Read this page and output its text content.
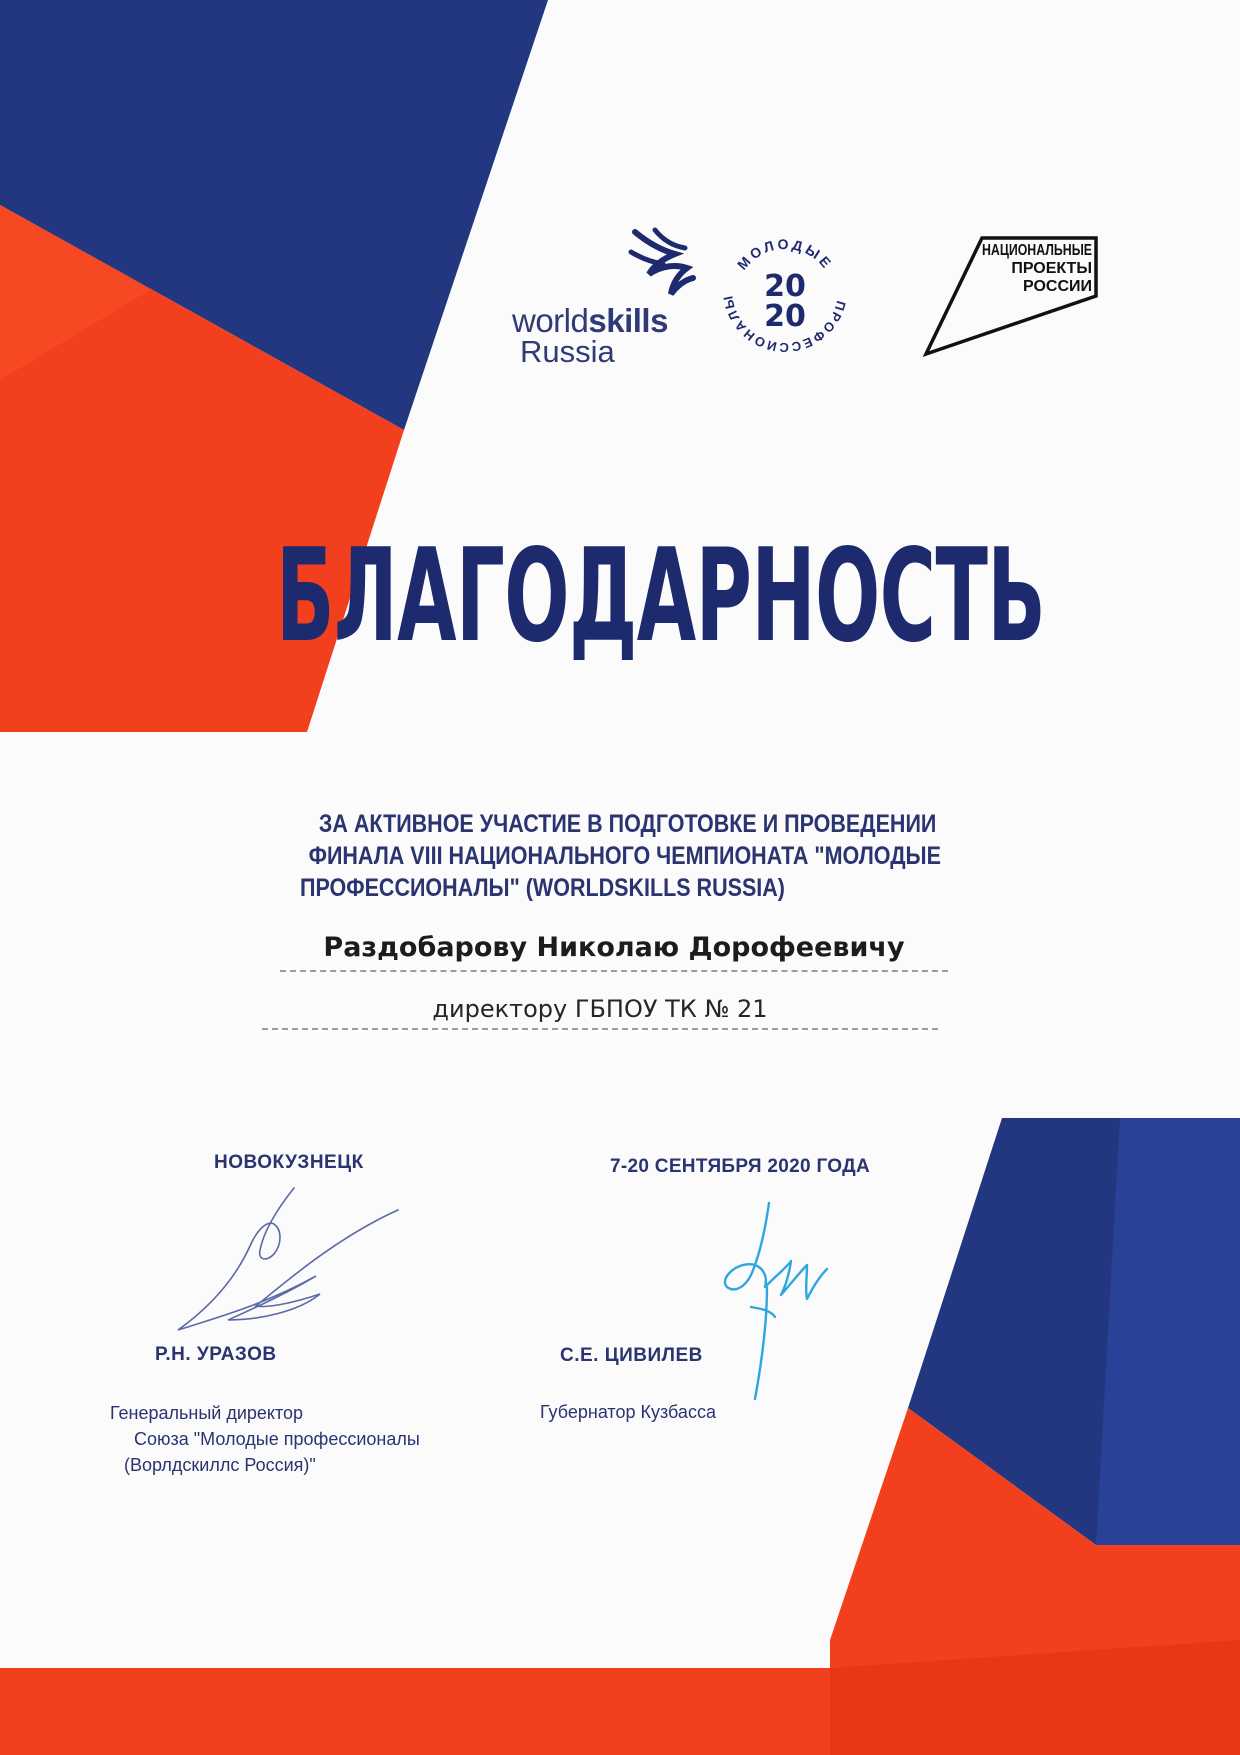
worldskills
Russia
МОЛОДЫЕ
ПРОФЕССИОНАЛЫ 20
20
НАЦИОНАЛЬНЫЕ
ПРОЕКТЫ
РОССИИ
БЛАГОДАРНОСТЬ
ЗА АКТИВНОЕ УЧАСТИЕ В ПОДГОТОВКЕ И ПРОВЕДЕНИИ
ФИНАЛА VIII НАЦИОНАЛЬНОГО ЧЕМПИОНАТА "МОЛОДЫЕ
ПРОФЕССИОНАЛЫ" (WORLDSKILLS RUSSIA)
Раздобарову Николаю Дорофеевичу
директору ГБПОУ ТК № 21
НОВОКУЗНЕЦК	7-20 СЕНТЯБРЯ 2020 ГОДА
Р.Н. УРАЗОВ
Генеральный директор
Союза "Молодые профессионалы
(Ворлдскиллс Россия)"
С.Е. ЦИВИЛЕВ
Губернатор Кузбасса
